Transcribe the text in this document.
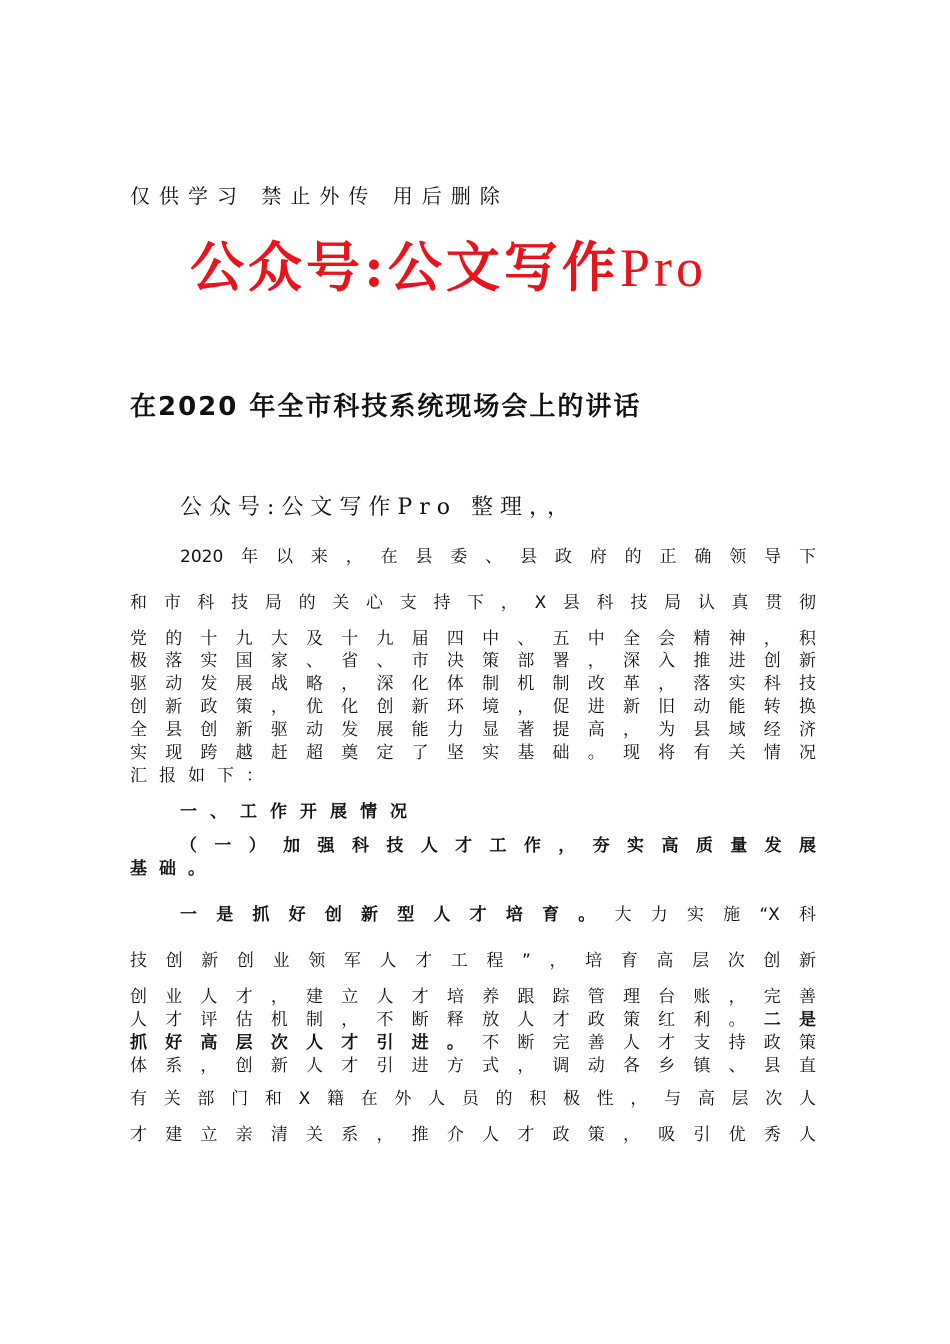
仅供学习 禁止外传 用后删除
公众号:公文写作Pro
在2020 年全市科技系统现场会上的讲话
公众号:公文写作Pro 整理，，
2020年以来，在县委、县政府的正确领导下
和市科技局的关心支持下，X县科技局认真贯彻
党的十九大及十九届四中、五中全会精神，积
极落实国家、省、市决策部署，深入推进创新
驱动发展战略，深化体制机制改革，落实科技
创新政策，优化创新环境，促进新旧动能转换
全县创新驱动发展能力显著提高，为县域经济
实现跨越赶超奠定了坚实基础。现将有关情况
汇报如下：
一、工作开展情况
（一）加强科技人才工作，夯实高质量发展
基础。
一是抓好创新型人才培育。大力实施“X科
技创新创业领军人才工程”，培育高层次创新
创业人才，建立人才培养跟踪管理台账，完善
人才评估机制，不断释放人才政策红利。二是
抓好高层次人才引进。不断完善人才支持政策
体系，创新人才引进方式，调动各乡镇、县直
有关部门和X籍在外人员的积极性，与高层次人
才建立亲清关系，推介人才政策，吸引优秀人
